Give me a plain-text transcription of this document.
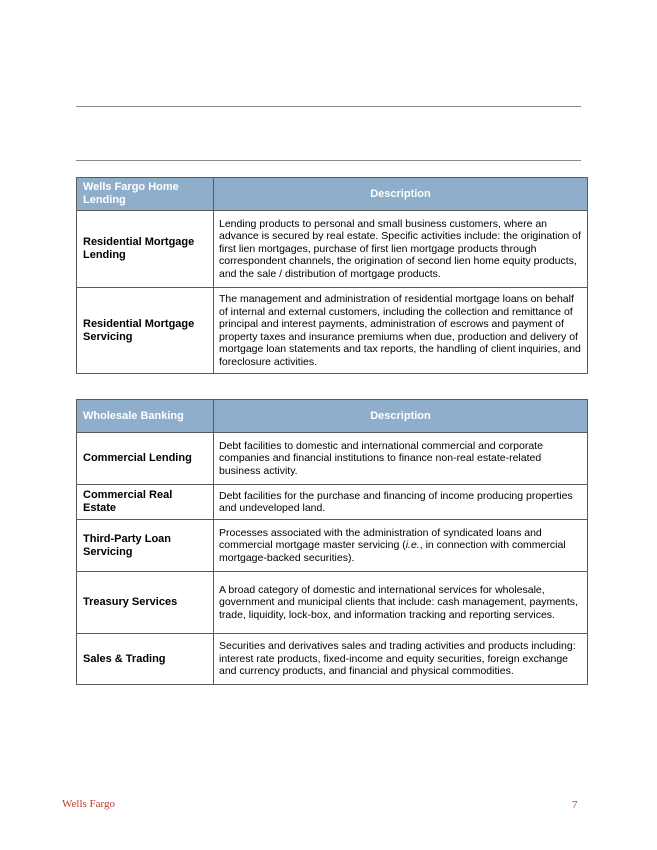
Wells Fargo Home Lending	Description
Residential Mortgage Lending	Lending products to personal and small business customers, where an advance is secured by real estate. Specific activities include: the origination of first lien mortgages, purchase of first lien mortgage products through correspondent channels, the origination of second lien home equity products, and the sale / distribution of mortgage products.
Residential Mortgage Servicing	The management and administration of residential mortgage loans on behalf of internal and external customers, including the collection and remittance of principal and interest payments, administration of escrows and payment of property taxes and insurance premiums when due, production and delivery of mortgage loan statements and tax reports, the handling of client inquiries, and foreclosure activities.
Wholesale Banking	Description
Commercial Lending	Debt facilities to domestic and international commercial and corporate companies and financial institutions to finance non-real estate-related business activity.
Commercial Real Estate	Debt facilities for the purchase and financing of income producing properties and undeveloped land.
Third-Party Loan Servicing	Processes associated with the administration of syndicated loans and commercial mortgage master servicing (i.e., in connection with commercial mortgage-backed securities).
Treasury Services	A broad category of domestic and international services for wholesale, government and municipal clients that include: cash management, payments, trade, liquidity, lock-box, and information tracking and reporting services.
Sales & Trading	Securities and derivatives sales and trading activities and products including: interest rate products, fixed-income and equity securities, foreign exchange and currency products, and financial and physical commodities.
Wells Fargo	7
